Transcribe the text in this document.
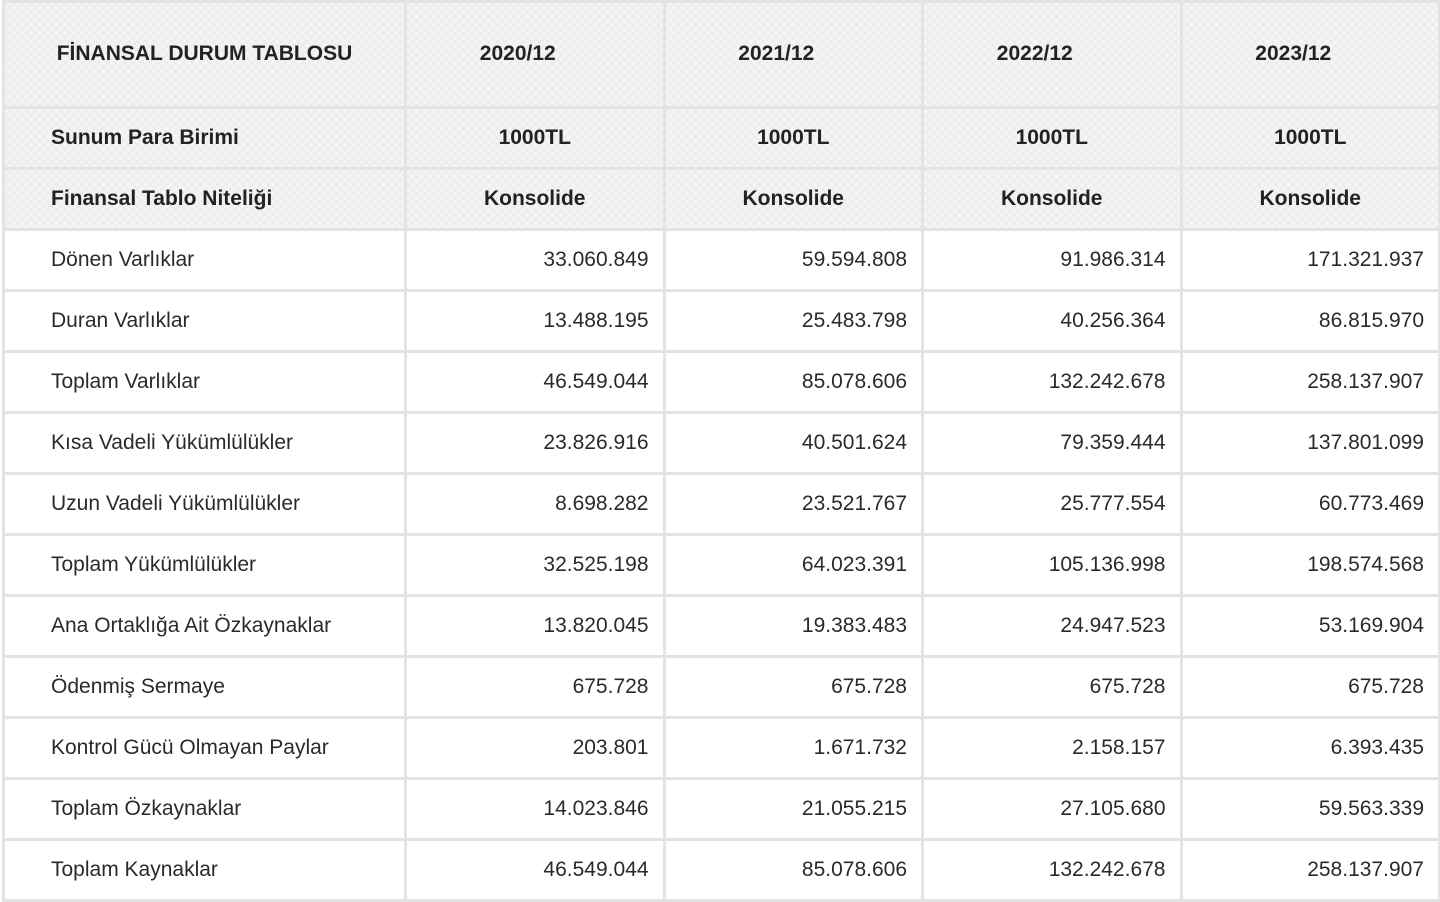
FİNANSAL DURUM TABLOSU	2020/12	2021/12	2022/12	2023/12
Sunum Para Birimi	1000TL	1000TL	1000TL	1000TL
Finansal Tablo Niteliği	Konsolide	Konsolide	Konsolide	Konsolide
Dönen Varlıklar	33.060.849	59.594.808	91.986.314	171.321.937
Duran Varlıklar	13.488.195	25.483.798	40.256.364	86.815.970
Toplam Varlıklar	46.549.044	85.078.606	132.242.678	258.137.907
Kısa Vadeli Yükümlülükler	23.826.916	40.501.624	79.359.444	137.801.099
Uzun Vadeli Yükümlülükler	8.698.282	23.521.767	25.777.554	60.773.469
Toplam Yükümlülükler	32.525.198	64.023.391	105.136.998	198.574.568
Ana Ortaklığa Ait Özkaynaklar	13.820.045	19.383.483	24.947.523	53.169.904
Ödenmiş Sermaye	675.728	675.728	675.728	675.728
Kontrol Gücü Olmayan Paylar	203.801	1.671.732	2.158.157	6.393.435
Toplam Özkaynaklar	14.023.846	21.055.215	27.105.680	59.563.339
Toplam Kaynaklar	46.549.044	85.078.606	132.242.678	258.137.907
